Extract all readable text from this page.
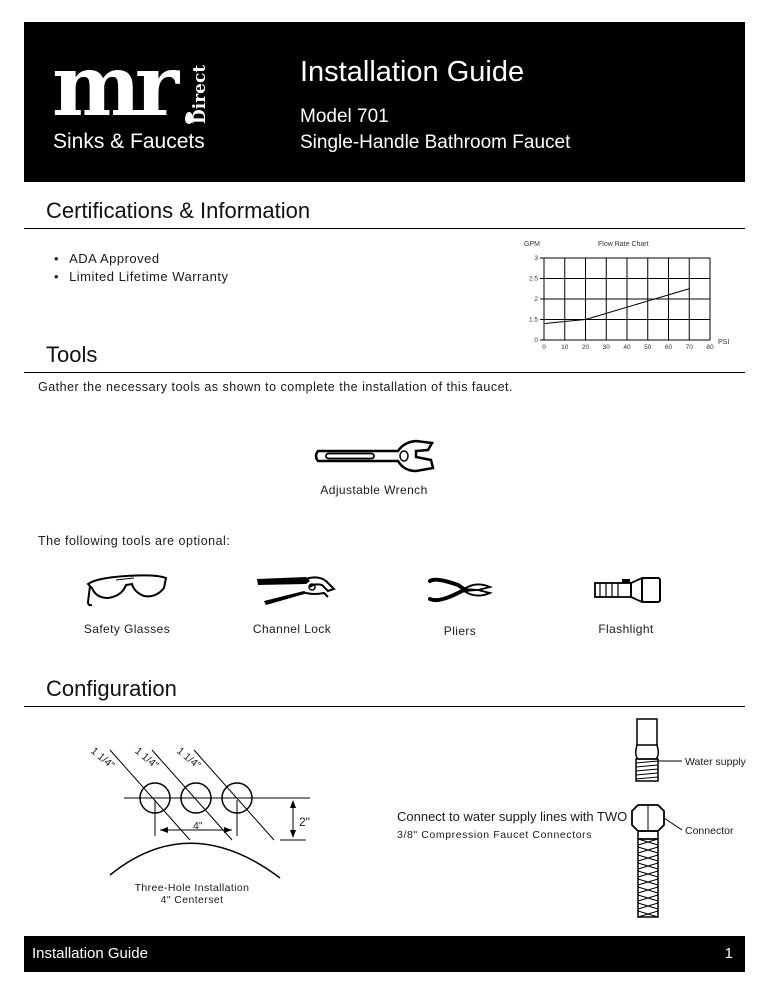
mr Direct
Sinks & Faucets
Installation Guide
Model 701
Single-Handle Bathroom Faucet
Certifications & Information
• ADA Approved
• Limited Lifetime Warranty
GPM	Flow Rate Chart
PSI
0 10 20 30 40 50 60 70 80
0
1.5
2
2.5
3
Tools
Gather the necessary tools as shown to complete the installation of this faucet.
Adjustable Wrench
The following tools are optional:
Safety Glasses	Channel Lock	Pliers	Flashlight
Configuration
1 1/4" 1 1/4" 1 1/4"
4"	2"
Three-Hole Installation
4" Centerset
Connect to water supply lines with TWO
3/8" Compression Faucet Connectors
Water supply
Connector
Installation Guide	1
